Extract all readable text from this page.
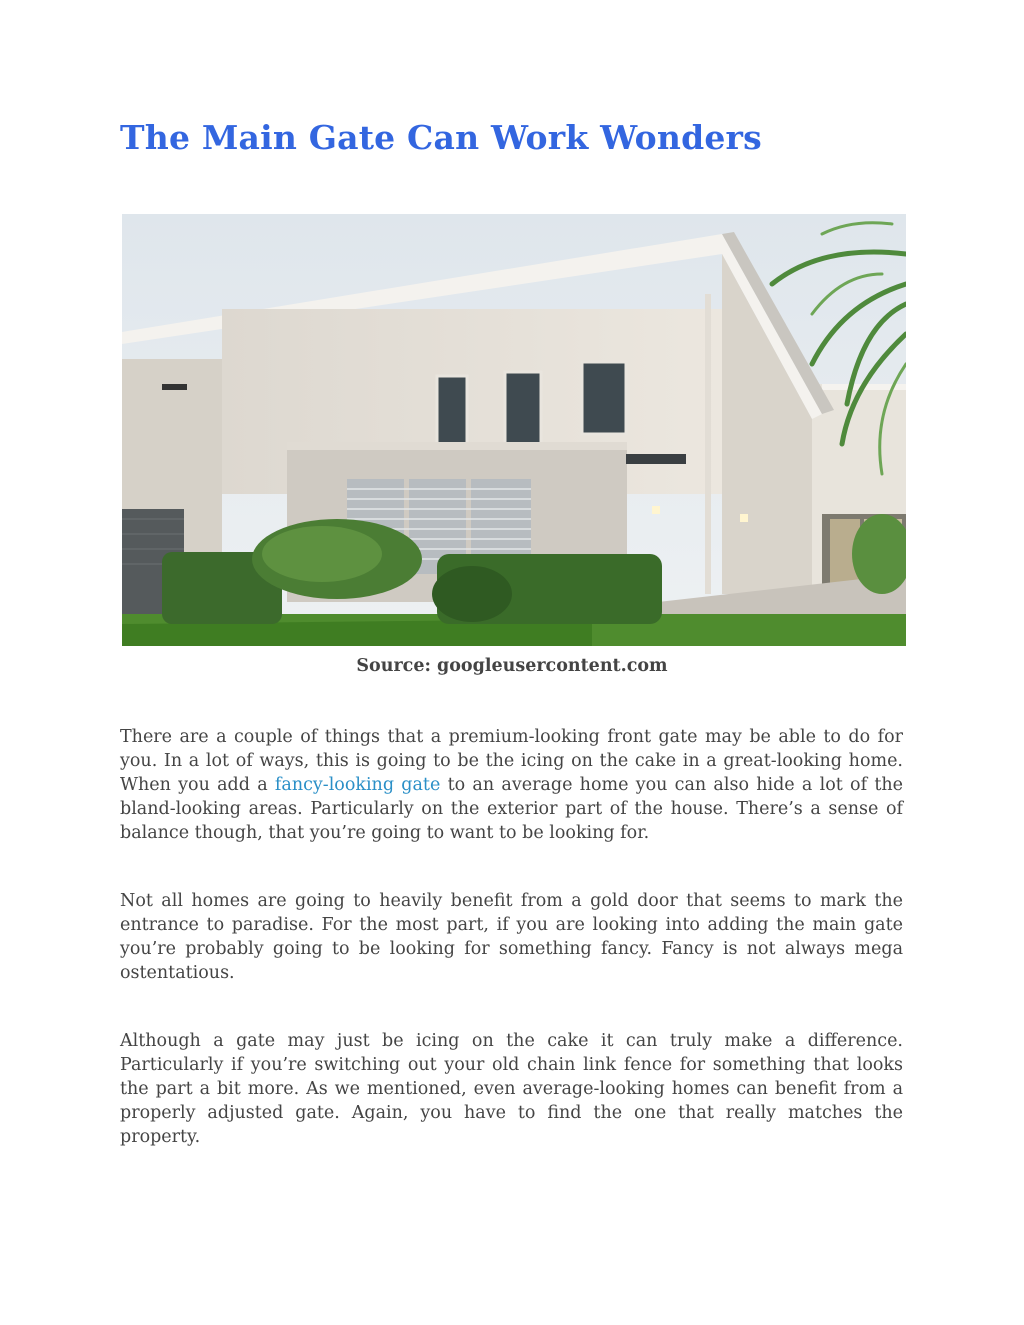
The Main Gate Can Work Wonders
Source: googleusercontent.com

There are a couple of things that a premium-looking front gate may be able to do for you. In a lot of ways, this is going to be the icing on the cake in a great-looking home. When you add a fancy-looking gate to an average home you can also hide a lot of the bland-looking areas. Particularly on the exterior part of the house. There’s a sense of balance though, that you’re going to want to be looking for.

Not all homes are going to heavily benefit from a gold door that seems to mark the entrance to paradise. For the most part, if you are looking into adding the main gate you’re probably going to be looking for something fancy. Fancy is not always mega ostentatious.

Although a gate may just be icing on the cake it can truly make a difference. Particularly if you’re switching out your old chain link fence for something that looks the part a bit more. As we mentioned, even average-looking homes can benefit from a properly adjusted gate. Again, you have to find the one that really matches the property.
